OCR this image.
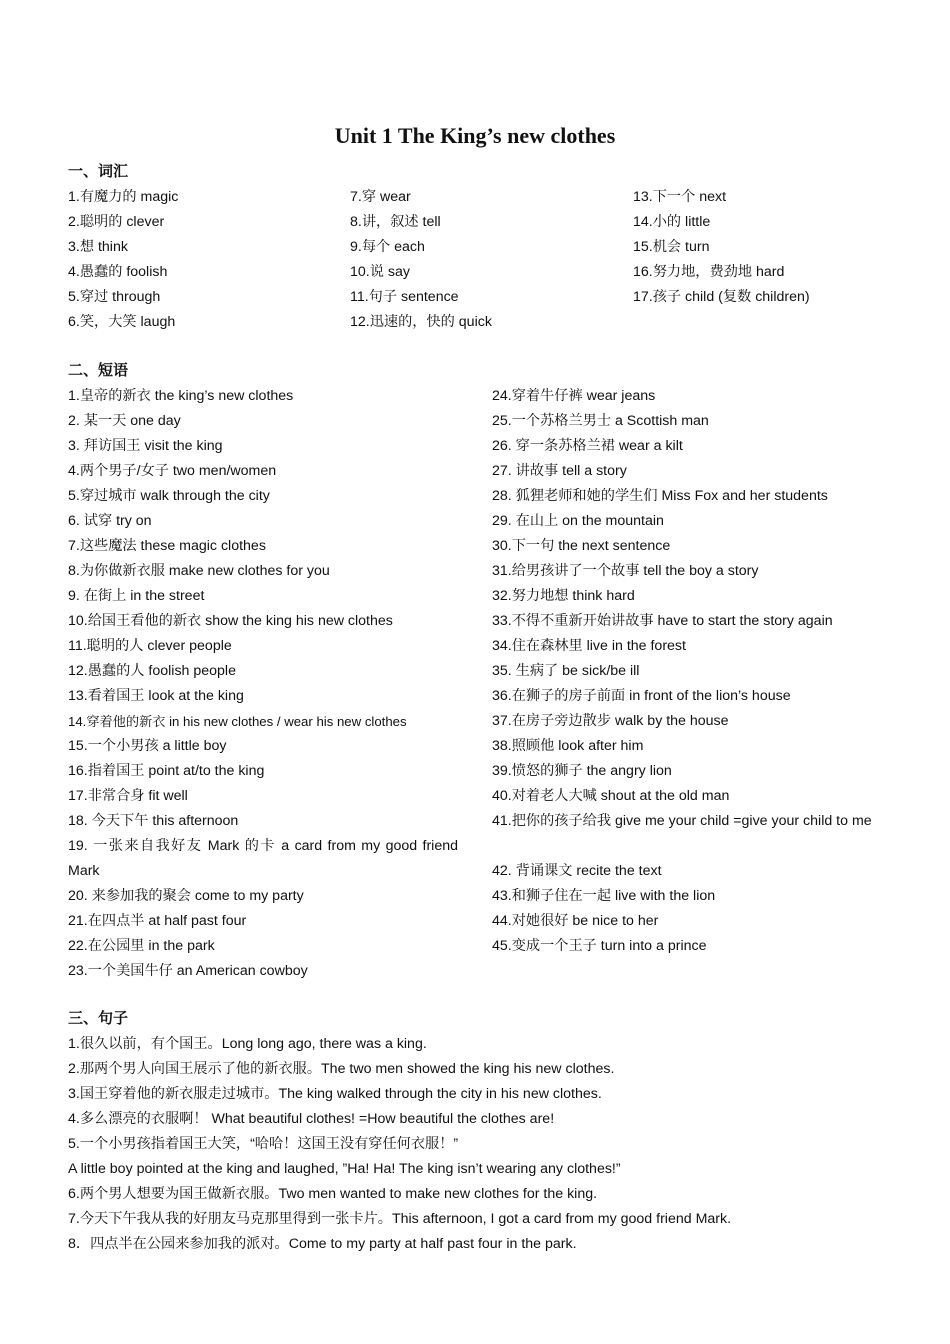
Unit 1 The King’s new clothes
一、词汇
1.有魔力的 magic
2.聪明的 clever
3.想 think
4.愚蠢的 foolish
5.穿过 through
6.笑，大笑 laugh
7.穿 wear
8.讲，叙述 tell
9.每个 each
10.说 say
11.句子 sentence
12.迅速的，快的 quick
13.下一个 next
14.小的 little
15.机会 turn
16.努力地，费劲地 hard
17.孩子 child (复数 children)
二、短语
1.皇帝的新衣 the king’s new clothes
2. 某一天 one day
3. 拜访国王 visit the king
4.两个男子/女子 two men/women
5.穿过城市 walk through the city
6. 试穿 try on
7.这些魔法 these magic clothes
8.为你做新衣服 make new clothes for you
9. 在街上 in the street
10.给国王看他的新衣 show the king his new clothes
11.聪明的人 clever people
12.愚蠢的人 foolish people
13.看着国王 look at the king
14.穿着他的新衣 in his new clothes / wear his new clothes
15.一个小男孩 a little boy
16.指着国王 point at/to the king
17.非常合身 fit well
18. 今天下午 this afternoon
19. 一张来自我好友 Mark 的卡 a card from my good friend Mark
20. 来参加我的聚会 come to my party
21.在四点半 at half past four
22.在公园里 in the park
23.一个美国牛仔 an American cowboy
24.穿着牛仔裤 wear jeans
25.一个苏格兰男士 a Scottish man
26. 穿一条苏格兰裙 wear a kilt
27. 讲故事 tell a story
28. 狐狸老师和她的学生们 Miss Fox and her students
29. 在山上 on the mountain
30.下一句 the next sentence
31.给男孩讲了一个故事 tell the boy a story
32.努力地想 think hard
33.不得不重新开始讲故事 have to start the story again
34.住在森林里 live in the forest
35. 生病了 be sick/be ill
36.在狮子的房子前面 in front of the lion’s house
37.在房子旁边散步 walk by the house
38.照顾他 look after him
39.愤怒的狮子 the angry lion
40.对着老人大喊 shout at the old man
41.把你的孩子给我 give me your child =give your child to me
42. 背诵课文 recite the text
43.和狮子住在一起 live with the lion
44.对她很好 be nice to her
45.变成一个王子 turn into a prince
三、句子
1.很久以前，有个国王。Long long ago, there was a king.
2.那两个男人向国王展示了他的新衣服。The two men showed the king his new clothes.
3.国王穿着他的新衣服走过城市。The king walked through the city in his new clothes.
4.多么漂亮的衣服啊！ What beautiful clothes! =How beautiful the clothes are!
5.一个小男孩指着国王大笑，“哈哈！这国王没有穿任何衣服！”
A little boy pointed at the king and laughed, ”Ha! Ha! The king isn’t wearing any clothes!”
6.两个男人想要为国王做新衣服。Two men wanted to make new clothes for the king.
7.今天下午我从我的好朋友马克那里得到一张卡片。This afternoon, I got a card from my good friend Mark.
8．四点半在公园来参加我的派对。Come to my party at half past four in the park.
